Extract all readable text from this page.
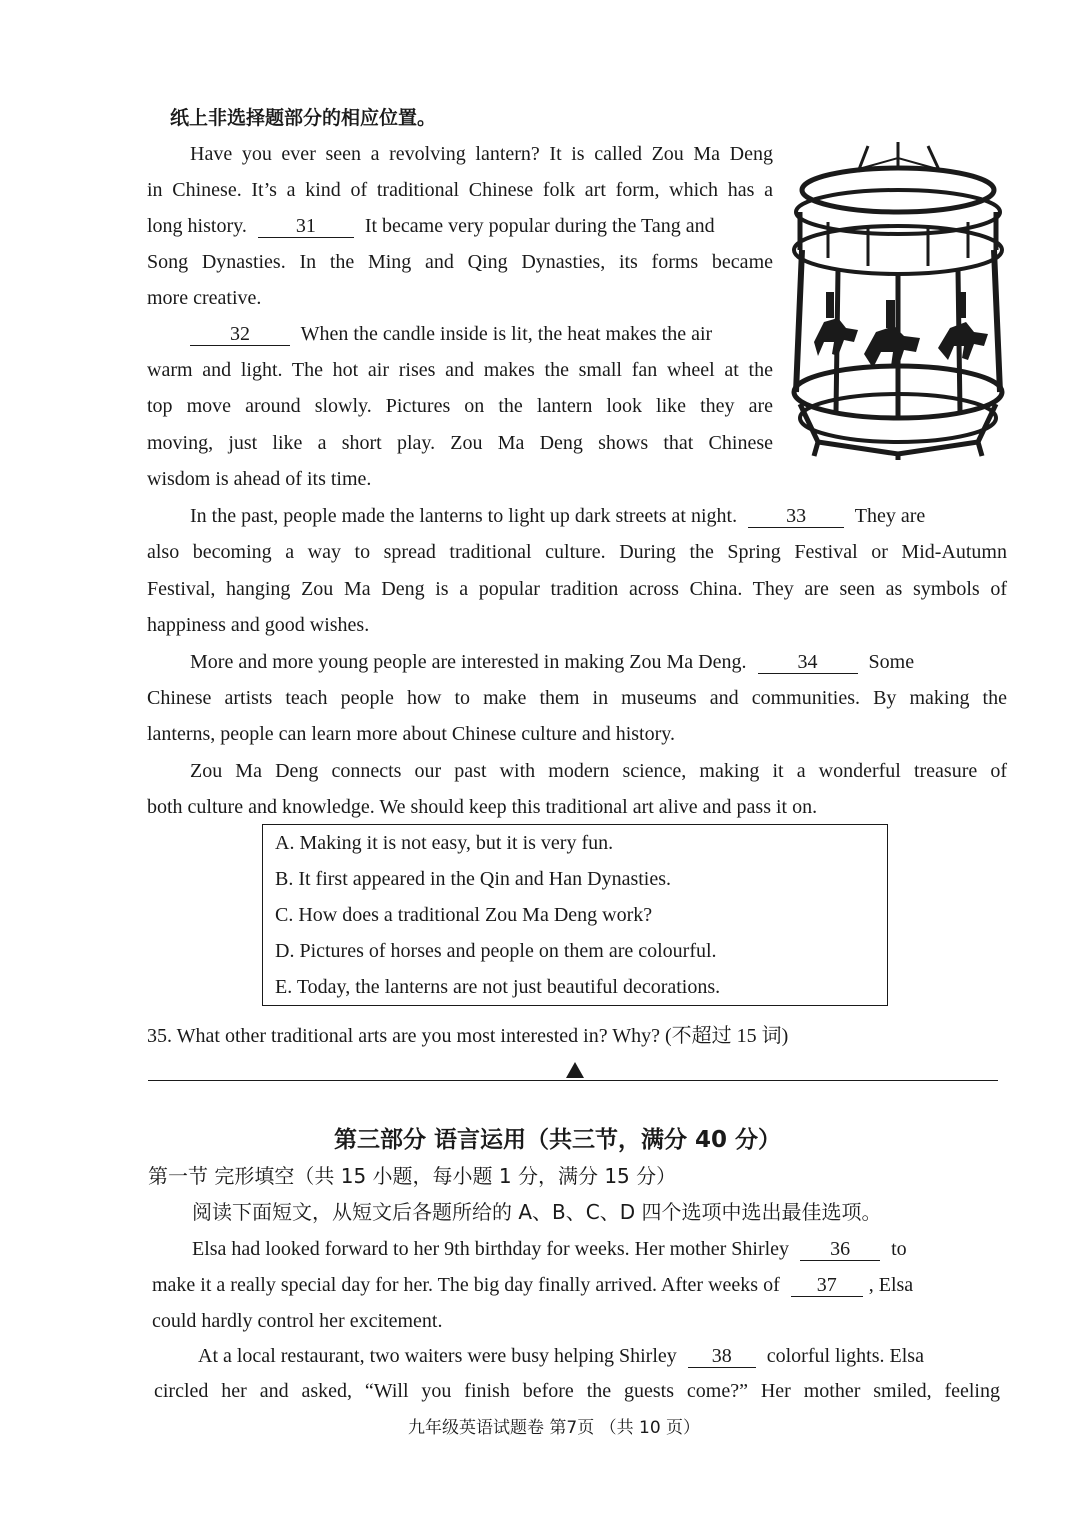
纸上非选择题部分的相应位置。
Have you ever seen a revolving lantern? It is called Zou Ma Deng
in Chinese. It’s a kind of traditional Chinese folk art form, which has a
long history. 31 It became very popular during the Tang and
Song Dynasties. In the Ming and Qing Dynasties, its forms became
more creative.
32	When the candle inside is lit, the heat makes the air
warm and light. The hot air rises and makes the small fan wheel at the
top move around slowly. Pictures on the lantern look like they are
moving, just like a short play. Zou Ma Deng shows that Chinese
wisdom is ahead of its time.
In the past, people made the lanterns to light up dark streets at night. 33 They are
also becoming a way to spread traditional culture. During the Spring Festival or Mid-Autumn
Festival, hanging Zou Ma Deng is a popular tradition across China. They are seen as symbols of
happiness and good wishes.
More and more young people are interested in making Zou Ma Deng.	34	Some
Chinese artists teach people how to make them in museums and communities. By making the
lanterns, people can learn more about Chinese culture and history.
Zou Ma Deng connects our past with modern science, making it a wonderful treasure of
both culture and knowledge. We should keep this traditional art alive and pass it on.
A. Making it is not easy, but it is very fun.
B. It first appeared in the Qin and Han Dynasties.
C. How does a traditional Zou Ma Deng work?
D. Pictures of horses and people on them are colourful.
E. Today, the lanterns are not just beautiful decorations.
35. What other traditional arts are you most interested in? Why? (不超过 15 词)
第三部分 语言运用（共三节，满分 40 分）
第一节 完形填空（共 15 小题，每小题 1 分，满分 15 分）
阅读下面短文，从短文后各题所给的 A、B、C、D 四个选项中选出最佳选项。
Elsa had looked forward to her 9th birthday for weeks. Her mother Shirley 36 to
make it a really special day for her. The big day finally arrived. After weeks of 37 , Elsa
could hardly control her excitement.
At a local restaurant, two waiters were busy helping Shirley 38 colorful lights. Elsa
circled her and asked, “Will you finish before the guests come?” Her mother smiled, feeling
九年级英语试题卷 第7页 （共 10 页）
